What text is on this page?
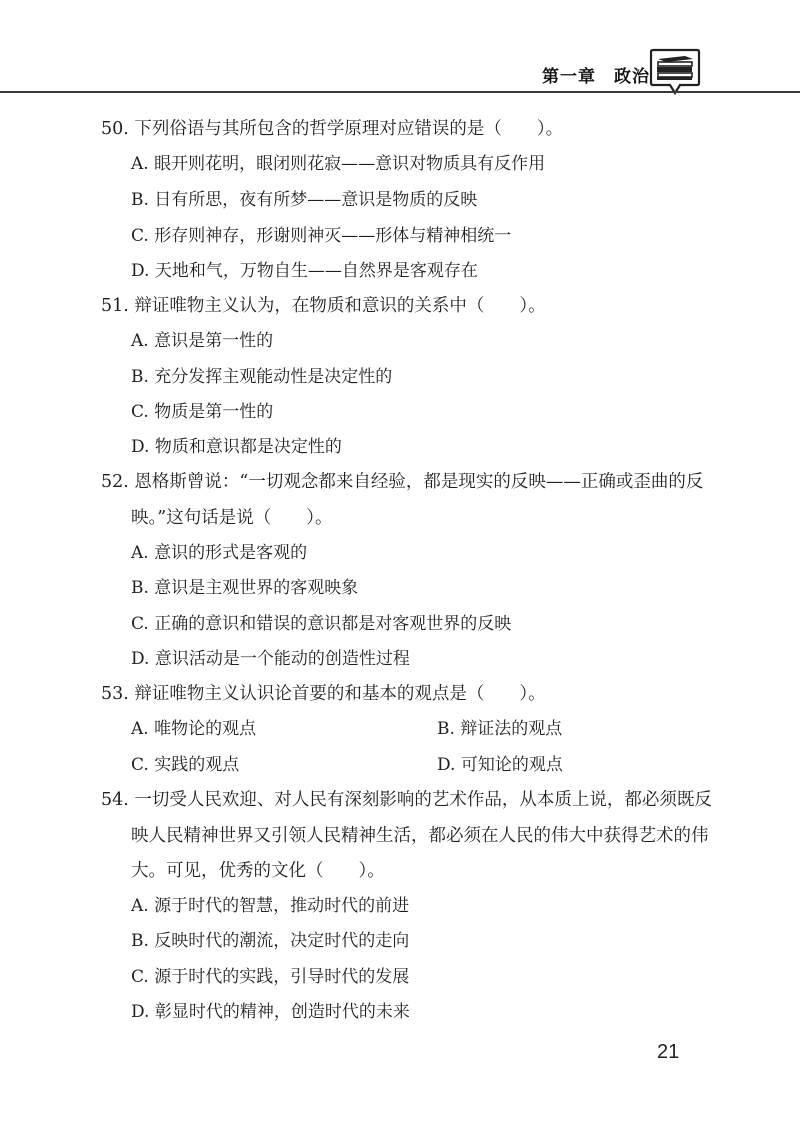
第一章　政治
50. 下列俗语与其所包含的哲学原理对应错误的是（　　）。
A. 眼开则花明，眼闭则花寂——意识对物质具有反作用
B. 日有所思，夜有所梦——意识是物质的反映
C. 形存则神存，形谢则神灭——形体与精神相统一
D. 天地和气，万物自生——自然界是客观存在
51. 辩证唯物主义认为，在物质和意识的关系中（　　）。
A. 意识是第一性的
B. 充分发挥主观能动性是决定性的
C. 物质是第一性的
D. 物质和意识都是决定性的
52. 恩格斯曾说：“一切观念都来自经验，都是现实的反映——正确或歪曲的反
映。”这句话是说（　　）。
A. 意识的形式是客观的
B. 意识是主观世界的客观映象
C. 正确的意识和错误的意识都是对客观世界的反映
D. 意识活动是一个能动的创造性过程
53. 辩证唯物主义认识论首要的和基本的观点是（　　）。
A. 唯物论的观点	B. 辩证法的观点
C. 实践的观点	D. 可知论的观点
54. 一切受人民欢迎、对人民有深刻影响的艺术作品，从本质上说，都必须既反
映人民精神世界又引领人民精神生活，都必须在人民的伟大中获得艺术的伟
大。可见，优秀的文化（　　）。
A. 源于时代的智慧，推动时代的前进
B. 反映时代的潮流，决定时代的走向
C. 源于时代的实践，引导时代的发展
D. 彰显时代的精神，创造时代的未来
21
